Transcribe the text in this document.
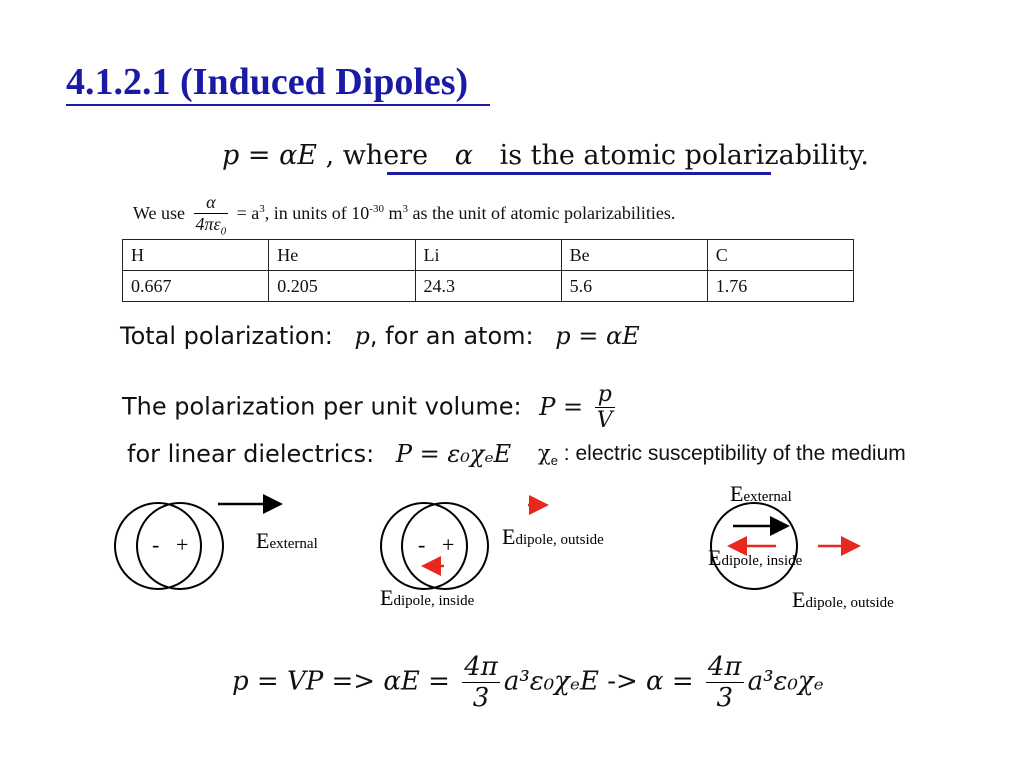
4.1.2.1 (Induced Dipoles)
p = αE , where α is the atomic polarizability.
We use $\frac{\alpha}{4\pi\varepsilon_0} = a^3$, in units of $10^{-30}$ $m^3$ as the unit of atomic polarizabilities.
H	He	Li	Be	C
0.667	0.205	24.3	5.6	1.76
Total polarization: p, for an atom: p = αE
The polarization per unit volume: $P = \frac{p}{V}$
for linear dielectrics: P = ε₀χₑE $\chi_e$ : electric susceptibility of the medium
- +	Eexternal	- + Edipole, outside
Edipole, inside
Eexternal
Edipole, inside
Edipole, outside
p = VP => $\alpha E = \frac{4\pi}{3} a^3\varepsilon_0\chi_eE -> \alpha = \frac{4\pi}{3} a^3\varepsilon_0\chi_e$
